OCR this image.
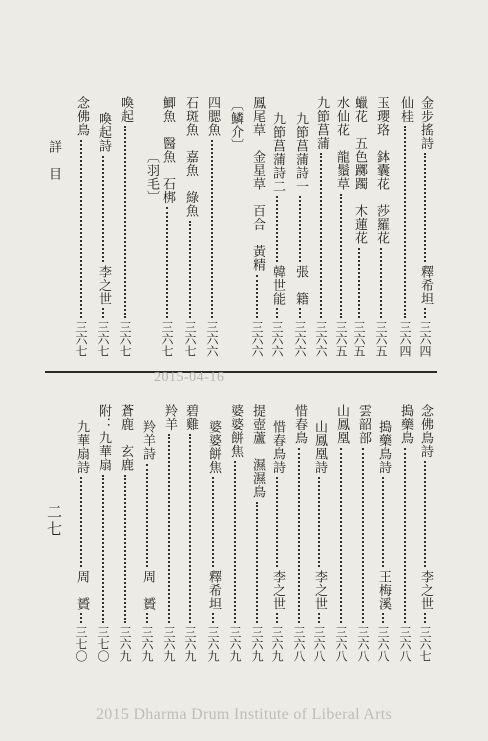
詳目
金步搖詩
釋希坦
三六四
仙桂
三六四
玉瓔珞　鉢囊花　莎羅花
三六五
蠟花　五色躑躅　木蓮花
三六五
水仙花　龍鬚草
三六五
九節菖蒲
三六六
九節菖蒲詩一
張　籍
三六六
九節菖蒲詩二
韓世能
三六六
鳳尾草　金星草　百合　黃精
三六六
〔鱗介〕
四腮魚
三六六
石斑魚　嘉魚　綠魚
三六七
鯽魚　醫魚　石梆
三六七
〔羽毛〕
喚起
三六七
喚起詩
李之世
三六七
念佛鳥
三六七
2015-04-16
念佛鳥詩
李之世
三六七
搗藥鳥
三六八
搗藥鳥詩
王梅溪
三六八
雲韶部
三六八
山鳳凰
三六八
山鳳凰詩
李之世
三六八
惜春鳥
三六八
惜春鳥詩
李之世
三六九
提壺蘆　濕濕鳥
三六九
婆婆餅焦
三六九
婆婆餅焦
釋希坦
三六九
碧雞
三六九
羚羊
三六九
羚羊詩
周　贇
三六九
蒼鹿　玄鹿
三六九
附：九華扇
三七〇
九華扇詩
周　贇
三七〇
二七
2015 Dharma Drum Institute of Liberal Arts
